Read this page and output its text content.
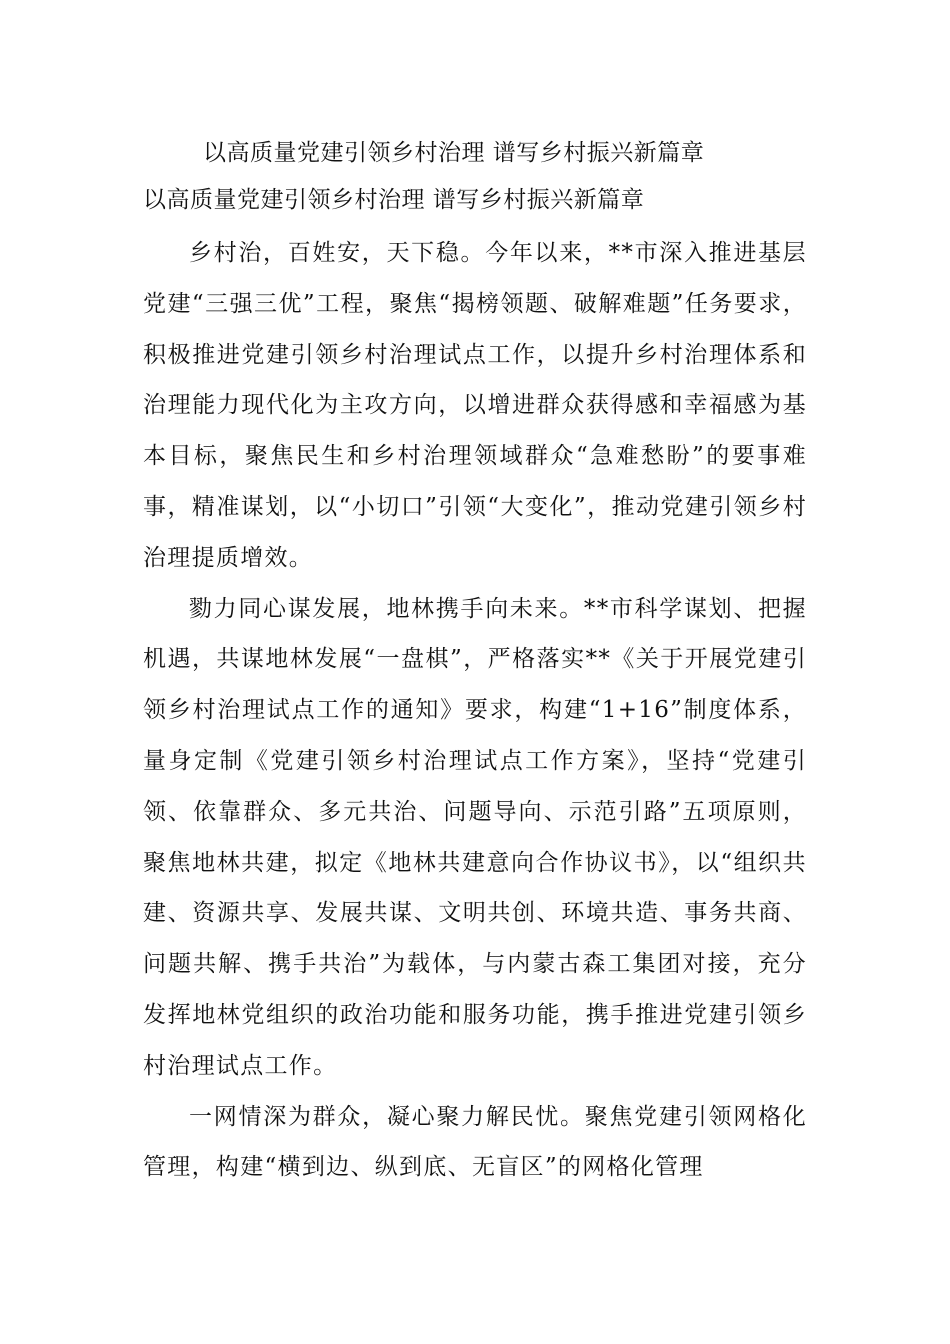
以高质量党建引领乡村治理 谱写乡村振兴新篇章
以高质量党建引领乡村治理 谱写乡村振兴新篇章

乡村治，百姓安，天下稳。今年以来，**市深入推进基层党建“三强三优”工程，聚焦“揭榜领题、破解难题”任务要求，积极推进党建引领乡村治理试点工作，以提升乡村治理体系和治理能力现代化为主攻方向，以增进群众获得感和幸福感为基本目标，聚焦民生和乡村治理领域群众“急难愁盼”的要事难事，精准谋划，以“小切口”引领“大变化”，推动党建引领乡村治理提质增效。

勠力同心谋发展，地林携手向未来。**市科学谋划、把握机遇，共谋地林发展“一盘棋”，严格落实**《关于开展党建引领乡村治理试点工作的通知》要求，构建“1+16”制度体系，量身定制《党建引领乡村治理试点工作方案》，坚持“党建引领、依靠群众、多元共治、问题导向、示范引路”五项原则，聚焦地林共建，拟定《地林共建意向合作协议书》，以“组织共建、资源共享、发展共谋、文明共创、环境共造、事务共商、问题共解、携手共治”为载体，与内蒙古森工集团对接，充分发挥地林党组织的政治功能和服务功能，携手推进党建引领乡村治理试点工作。

一网情深为群众，凝心聚力解民忧。聚焦党建引领网格化管理，构建“横到边、纵到底、无盲区”的网格化管理
